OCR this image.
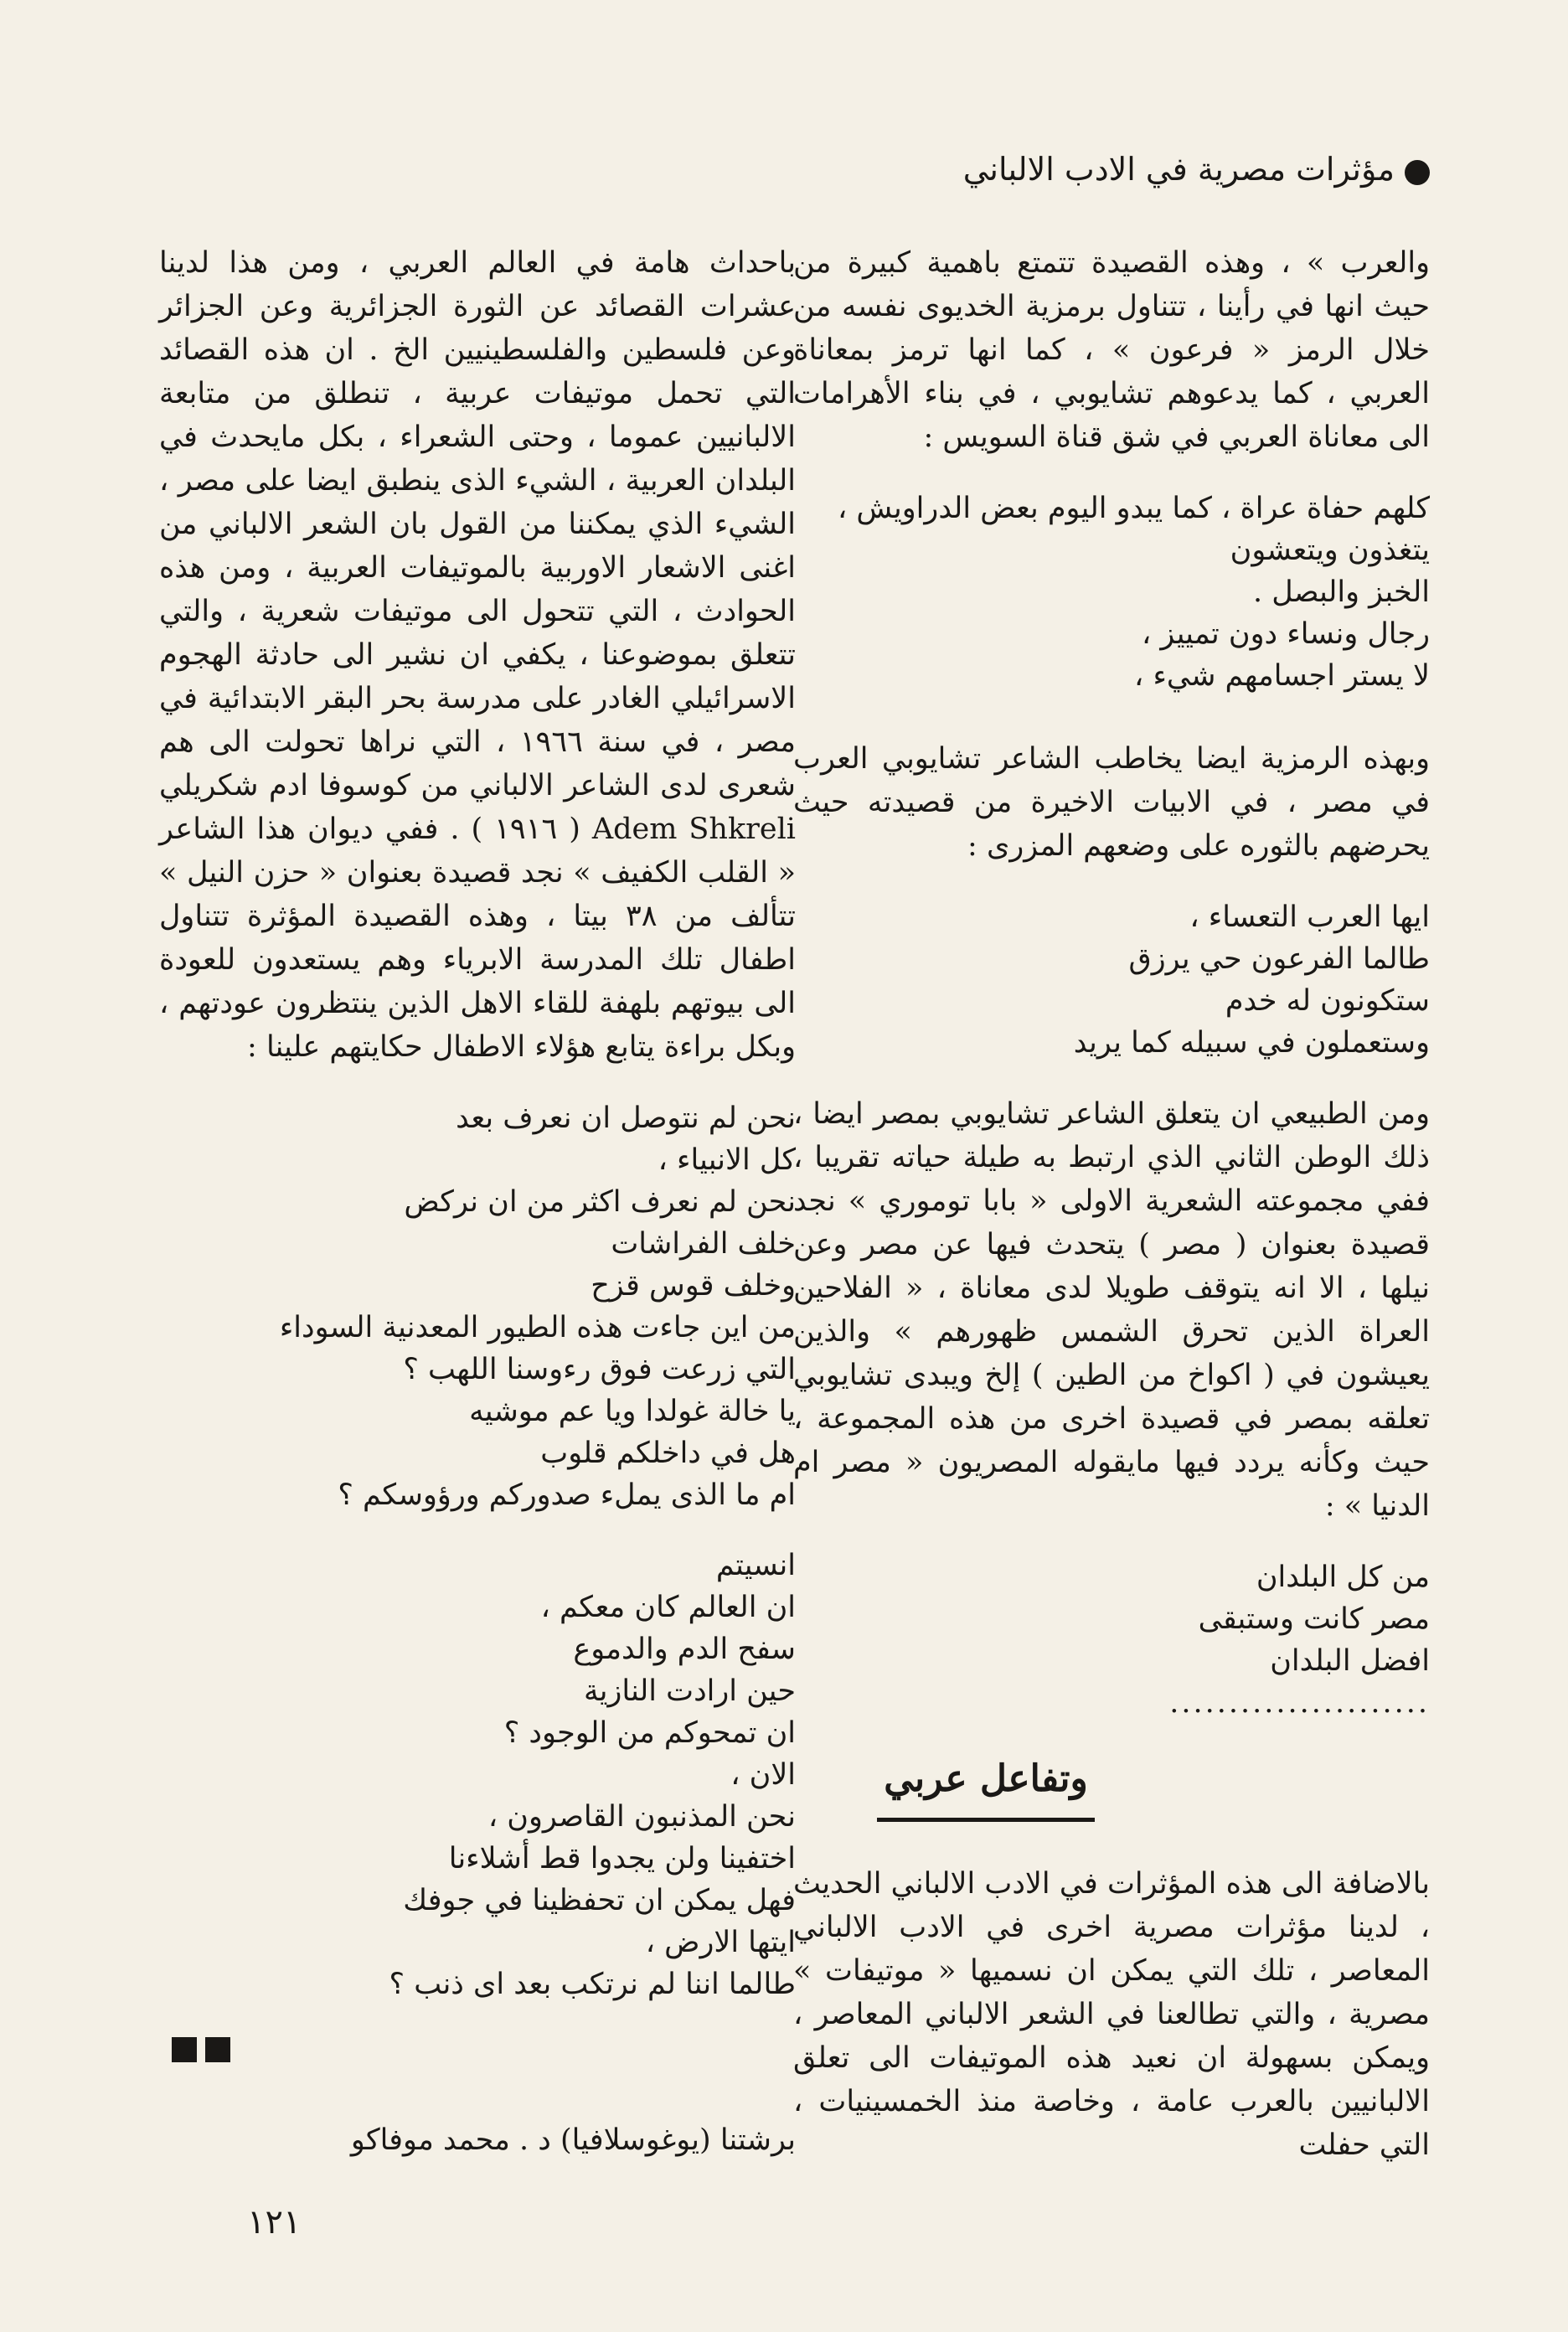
مؤثرات مصرية في الادب الالباني

والعرب » ، وهذه القصيدة تتمتع باهمية كبيرة من حيث انها في رأينا ، تتناول برمزية الخديوى نفسه من خلال الرمز « فرعون » ، كما انها ترمز بمعاناة العربي ، كما يدعوهم تشايوبي ، في بناء الأهرامات الى معاناة العربي في شق قناة السويس :

كلهم حفاة عراة ، كما يبدو اليوم بعض الدراويش ،
يتغذون ويتعشون
الخبز والبصل .
رجال ونساء دون تمييز ،
لا يستر اجسامهم شيء ،

وبهذه الرمزية ايضا يخاطب الشاعر تشايوبي العرب في مصر ، في الابيات الاخيرة من قصيدته حيث يحرضهم بالثوره على وضعهم المزرى :

ايها العرب التعساء ،
طالما الفرعون حي يرزق
ستكونون له خدم
وستعملون في سبيله كما يريد

ومن الطبيعي ان يتعلق الشاعر تشايوبي بمصر ايضا ، ذلك الوطن الثاني الذي ارتبط به طيلة حياته تقريبا ، ففي مجموعته الشعرية الاولى « بابا توموري » نجد قصيدة بعنوان ( مصر ) يتحدث فيها عن مصر وعن نيلها ، الا انه يتوقف طويلا لدى معاناة ، « الفلاحين العراة الذين تحرق الشمس ظهورهم » والذين يعيشون في ( اكواخ من الطين ) إلخ ويبدى تشايوبي تعلقه بمصر في قصيدة اخرى من هذه المجموعة ، حيث وكأنه يردد فيها مايقوله المصريون « مصر ام الدنيا » :

من كل البلدان
مصر كانت وستبقى
افضل البلدان
......................
وتفاعل عربي

بالاضافة الى هذه المؤثرات في الادب الالباني الحديث ، لدينا مؤثرات مصرية اخرى في الادب الالباني المعاصر ، تلك التي يمكن ان نسميها « موتيفات » مصرية ، والتي تطالعنا في الشعر الالباني المعاصر ، ويمكن بسهولة ان نعيد هذه الموتيفات الى تعلق الالبانيين بالعرب عامة ، وخاصة منذ الخمسينيات ، التي حفلت

باحداث هامة في العالم العربي ، ومن هذا لدينا عشرات القصائد عن الثورة الجزائرية وعن الجزائر وعن فلسطين والفلسطينيين الخ . ان هذه القصائد التي تحمل موتيفات عربية ، تنطلق من متابعة الالبانيين عموما ، وحتى الشعراء ، بكل مايحدث في البلدان العربية ، الشيء الذى ينطبق ايضا على مصر ، الشيء الذي يمكننا من القول بان الشعر الالباني من اغنى الاشعار الاوربية بالموتيفات العربية ، ومن هذه الحوادث ، التي تتحول الى موتيفات شعرية ، والتي تتعلق بموضوعنا ، يكفي ان نشير الى حادثة الهجوم الاسرائيلي الغادر على مدرسة بحر البقر الابتدائية في مصر ، في سنة ١٩٦٦ ، التي نراها تحولت الى هم شعرى لدى الشاعر الالباني من كوسوفا ادم شكريلي Adem Shkreli ( ١٩١٦ ) . ففي ديوان هذا الشاعر « القلب الكفيف » نجد قصيدة بعنوان « حزن النيل » تتألف من ٣٨ بيتا ، وهذه القصيدة المؤثرة تتناول اطفال تلك المدرسة الابرياء وهم يستعدون للعودة الى بيوتهم بلهفة للقاء الاهل الذين ينتظرون عودتهم ، وبكل براءة يتابع هؤلاء الاطفال حكايتهم علينا :

نحن لم نتوصل ان نعرف بعد
كل الانبياء ،
نحن لم نعرف اكثر من ان نركض
خلف الفراشات
وخلف قوس قزح
من اين جاءت هذه الطيور المعدنية السوداء
التي زرعت فوق رءوسنا اللهب ؟
يا خالة غولدا ويا عم موشيه
هل في داخلكم قلوب
ام ما الذى يملء صدوركم ورؤوسكم ؟
انسيتم
ان العالم كان معكم ،
سفح الدم والدموع
حين ارادت النازية
ان تمحوكم من الوجود ؟
الان ،
نحن المذنبون القاصرون ،
اختفينا ولن يجدوا قط أشلاءنا
فهل يمكن ان تحفظينا في جوفك
ايتها الارض ،
طالما اننا لم نرتكب بعد اى ذنب ؟
برشتنا (يوغوسلافيا) د . محمد موفاكو
١٢١
